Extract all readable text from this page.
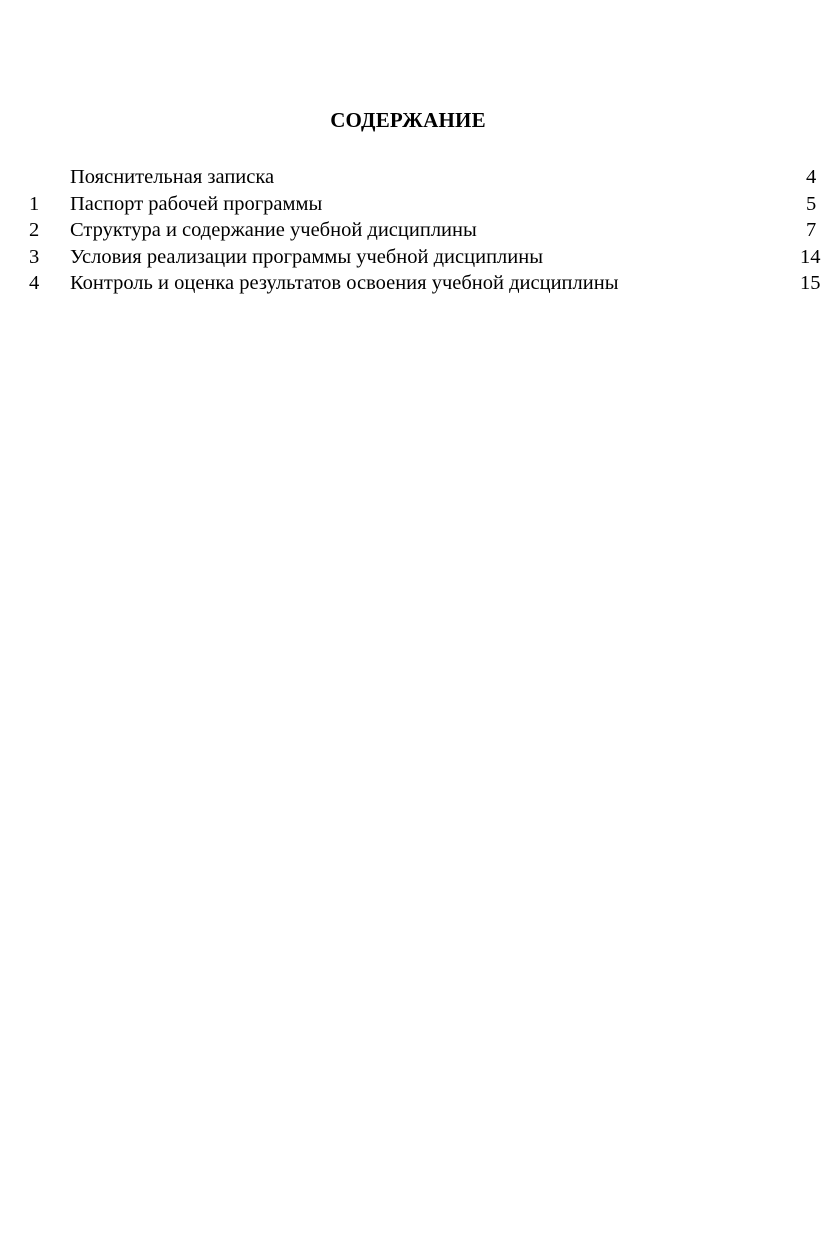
СОДЕРЖАНИЕ
Пояснительная записка	4
1 Паспорт рабочей программы	5
2 Структура и содержание учебной дисциплины	7
3 Условия реализации программы учебной дисциплины	14
4 Контроль и оценка результатов освоения учебной дисциплины	15
